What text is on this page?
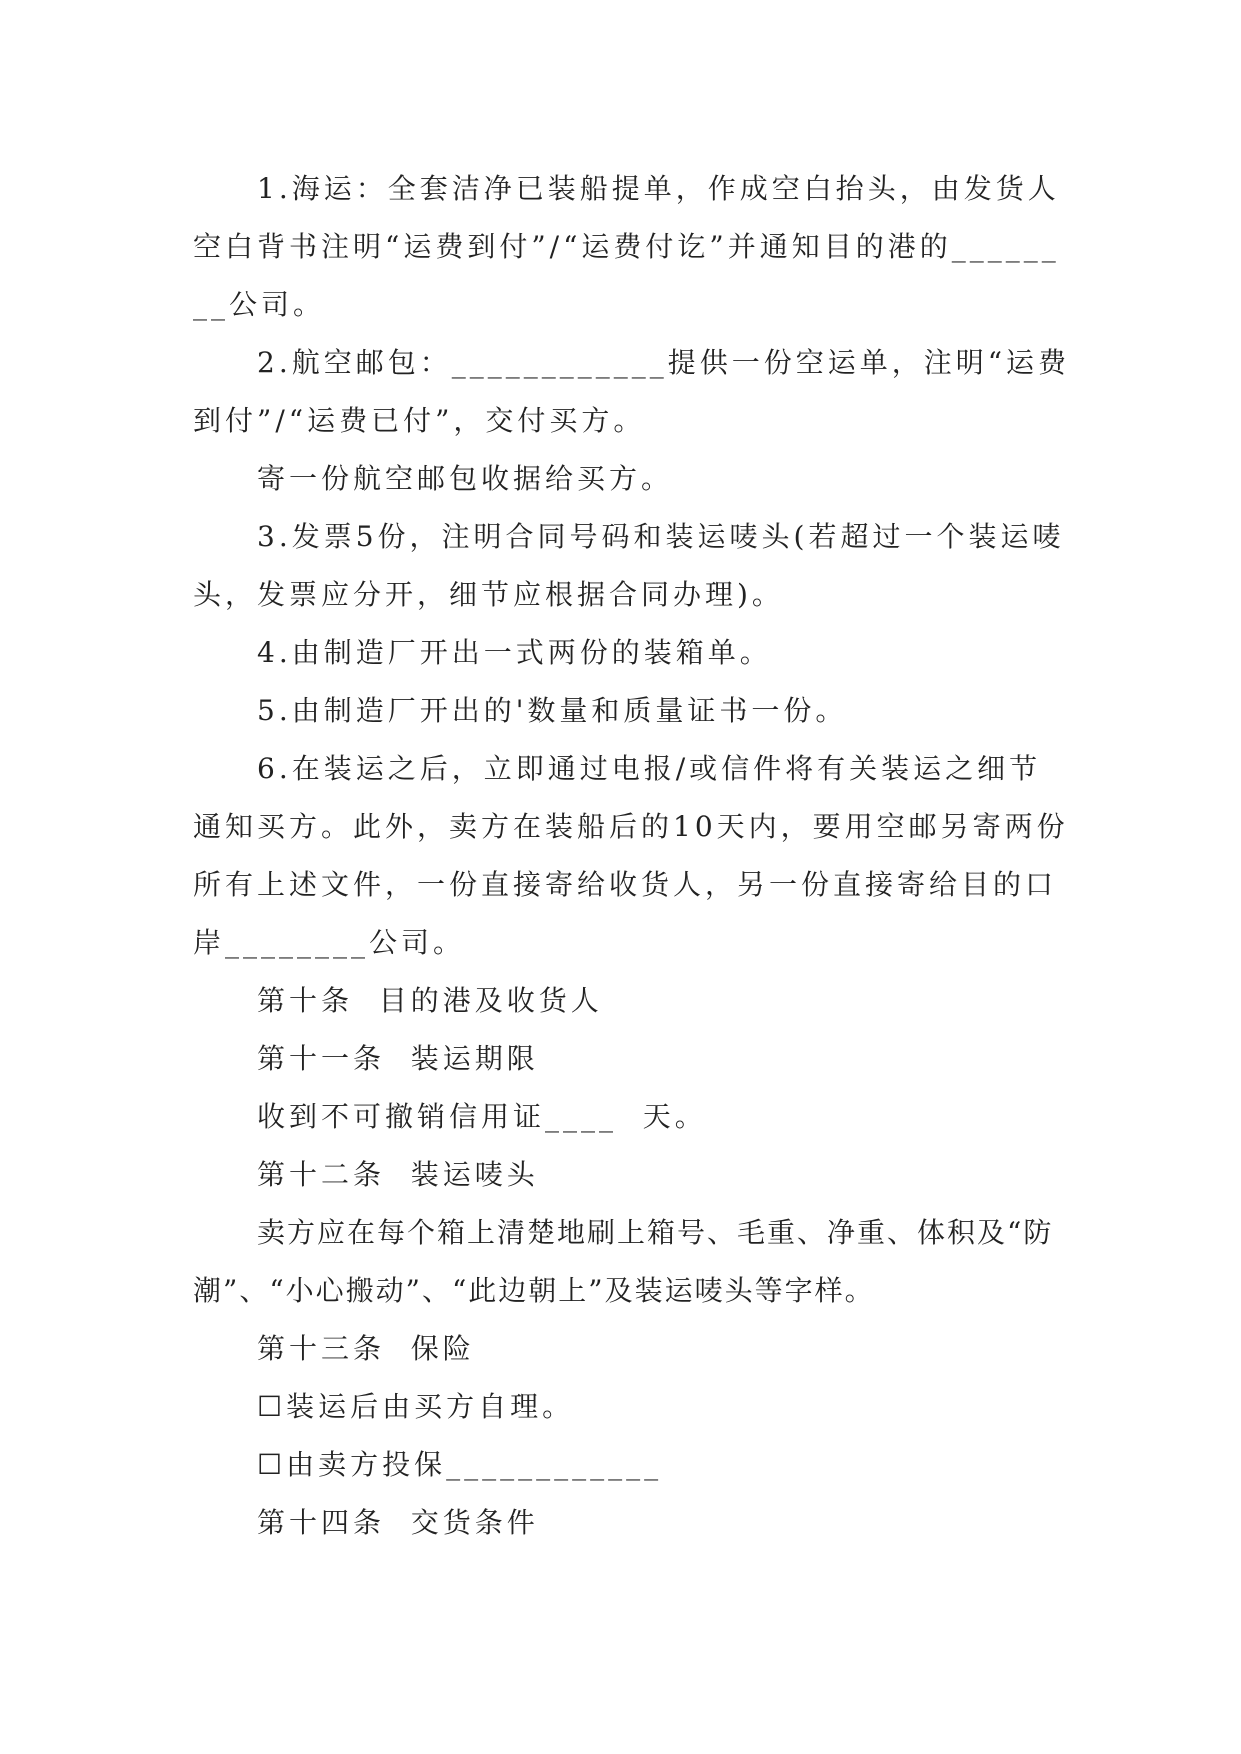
1.海运：全套洁净已装船提单，作成空白抬头，由发货人空白背书注明“运费到付”/“运费付讫”并通知目的港的________公司。

2.航空邮包：____________提供一份空运单，注明“运费到付”/“运费已付”，交付买方。

寄一份航空邮包收据给买方。

3.发票5份，注明合同号码和装运唛头(若超过一个装运唛头，发票应分开，细节应根据合同办理)。

4.由制造厂开出一式两份的装箱单。

5.由制造厂开出的'数量和质量证书一份。

6.在装运之后，立即通过电报/或信件将有关装运之细节通知买方。此外，卖方在装船后的10天内，要用空邮另寄两份所有上述文件，一份直接寄给收货人，另一份直接寄给目的口岸________公司。

第十条  目的港及收货人

第十一条  装运期限

收到不可撤销信用证____  天。

第十二条  装运唛头

卖方应在每个箱上清楚地刷上箱号、毛重、净重、体积及“防潮”、“小心搬动”、“此边朝上”及装运唛头等字样。

第十三条  保险

☐装运后由买方自理。

☐由卖方投保____________

第十四条  交货条件
